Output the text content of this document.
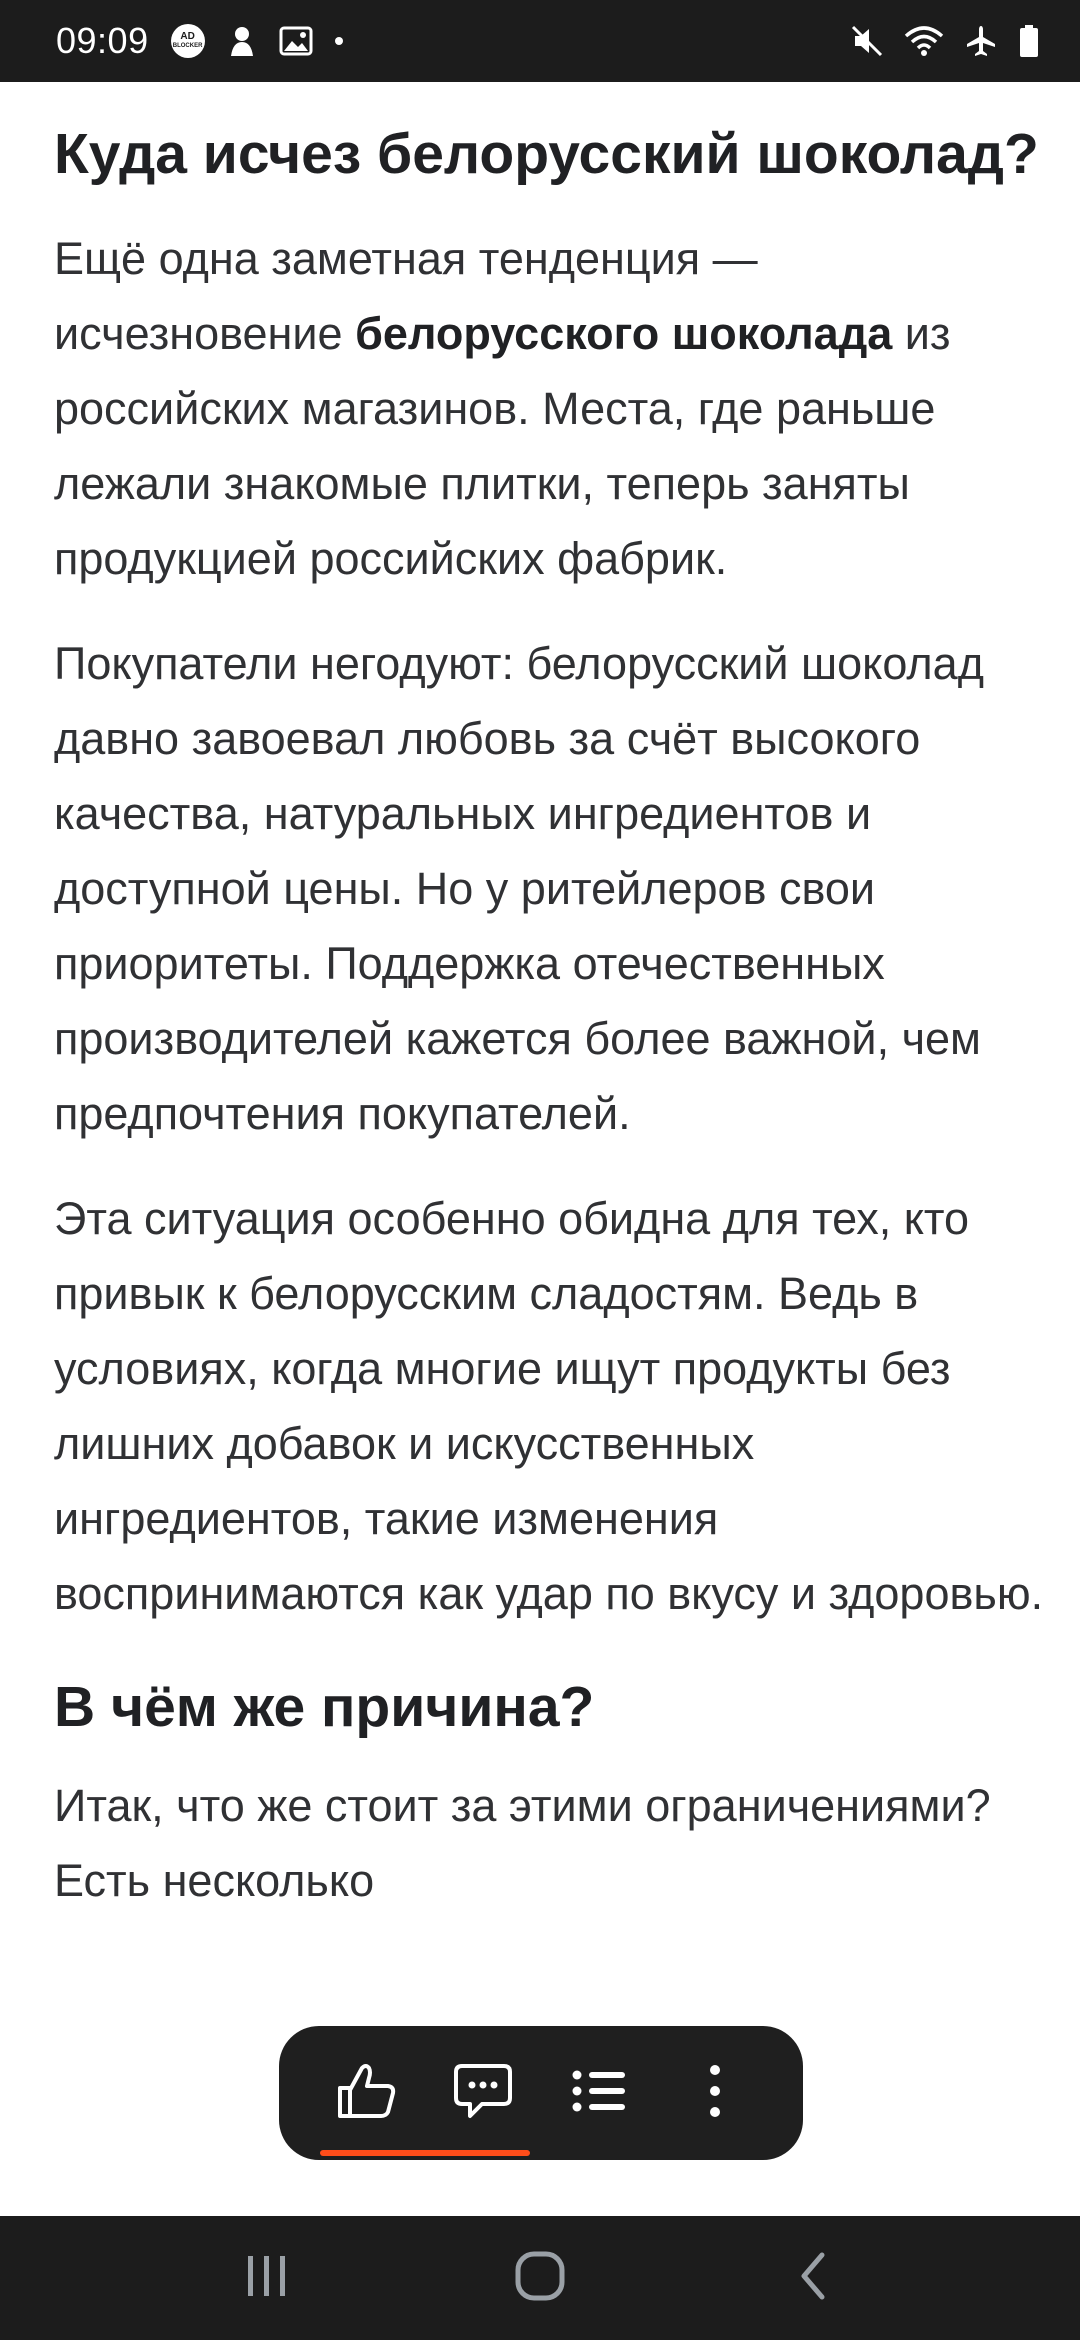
09:09	AD
BLOCKER
Куда исчез белорусский шоколад?

Ещё одна заметная тенденция — исчезновение белорусского шоколада из российских магазинов. Места, где раньше лежали знакомые плитки, теперь заняты продукцией российских фабрик.

Покупатели негодуют: белорусский шоколад давно завоевал любовь за счёт высокого качества, натуральных ингредиентов и доступной цены. Но у ритейлеров свои приоритеты. Поддержка отечественных производителей кажется более важной, чем предпочтения покупателей.

Эта ситуация особенно обидна для тех, кто привык к белорусским сладостям. Ведь в условиях, когда многие ищут продукты без лишних добавок и искусственных ингредиентов, такие изменения воспринимаются как удар по вкусу и здоровью.

В чём же причина?

Итак, что же стоит за этими ограничениями? Есть несколько
